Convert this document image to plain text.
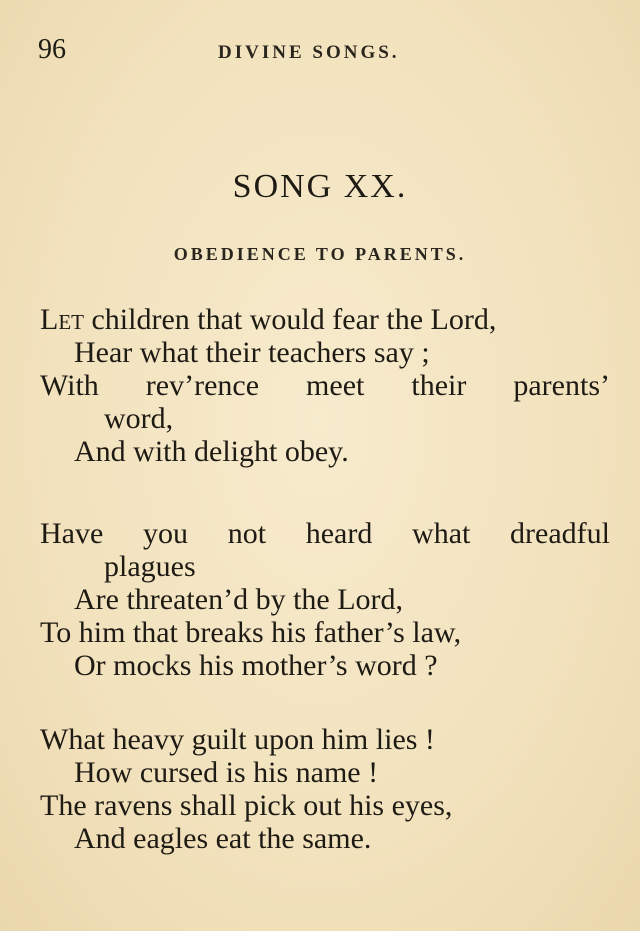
96	DIVINE SONGS.
SONG XX.
OBEDIENCE TO PARENTS.
Let children that would fear the Lord,
Hear what their teachers say ;
With rev’rence meet their parents’
word,
And with delight obey.
Have you not heard what dreadful
plagues
Are threaten’d by the Lord,
To him that breaks his father’s law,
Or mocks his mother’s word ?
What heavy guilt upon him lies !
How cursed is his name !
The ravens shall pick out his eyes,
And eagles eat the same.
